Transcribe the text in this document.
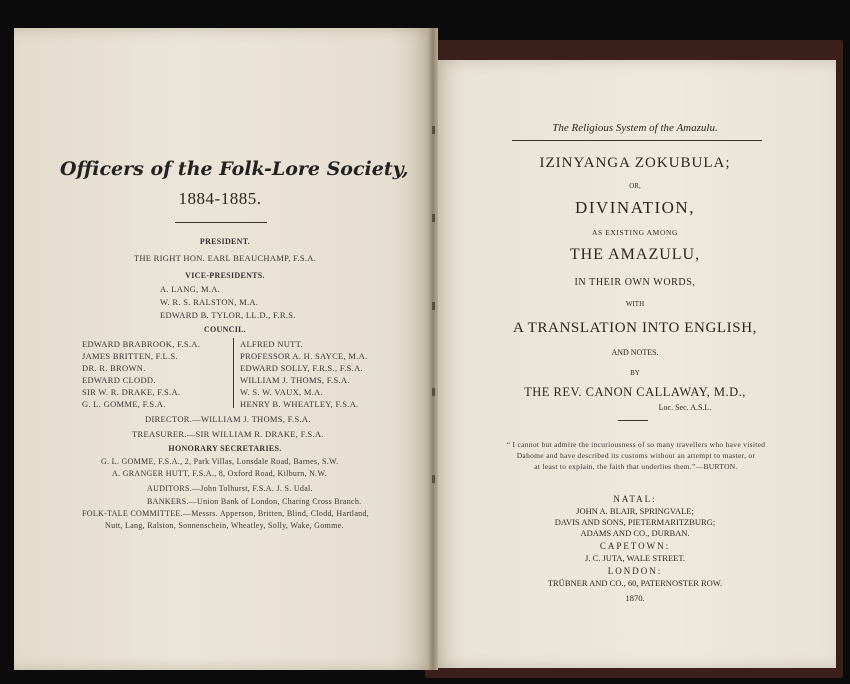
Officers of the Folk-Lore Society,
1884-1885.
PRESIDENT.
THE RIGHT HON. EARL BEAUCHAMP, F.S.A.
VICE-PRESIDENTS.
A. LANG, M.A.
W. R. S. RALSTON, M.A.
EDWARD B. TYLOR, LL.D., F.R.S.
COUNCIL.
EDWARD BRABROOK, F.S.A.
JAMES BRITTEN, F.L.S.
DR. R. BROWN.
EDWARD CLODD.
SIR W. R. DRAKE, F.S.A.
G. L. GOMME, F.S.A.
ALFRED NUTT.
PROFESSOR A. H. SAYCE, M.A.
EDWARD SOLLY, F.R.S., F.S.A.
WILLIAM J. THOMS, F.S.A.
W. S. W. VAUX, M.A.
HENRY B. WHEATLEY, F.S.A.
DIRECTOR.—WILLIAM J. THOMS, F.S.A.
TREASURER.—SIR WILLIAM R. DRAKE, F.S.A.
HONORARY SECRETARIES.
G. L. GOMME, F.S.A., 2, Park Villas, Lonsdale Road, Barnes, S.W.
A. GRANGER HUTT, F.S.A., 8, Oxford Road, Kilburn, N.W.
AUDITORS.—John Tolhurst, F.S.A. J. S. Udal.
BANKERS.—Union Bank of London, Charing Cross Branch.
FOLK-TALE COMMITTEE.—Messrs. Apperson, Britten, Blind, Clodd, Hartland,
Nutt, Lang, Ralston, Sonnenschein, Wheatley, Solly, Wake, Gomme.
The Religious System of the Amazulu.
IZINYANGA ZOKUBULA;
OR,
DIVINATION,
AS EXISTING AMONG
THE AMAZULU,
IN THEIR OWN WORDS,
WITH
A TRANSLATION INTO ENGLISH,
AND NOTES.
BY
THE REV. CANON CALLAWAY, M.D.,
Loc. Sec. A.S.L.
“ I cannot but admire the incuriousness of so many travellers who have visited
Dahome and have described its customs without an attempt to master, or
at least to explain, the faith that underlies them.”—BURTON.
NATAL:
JOHN A. BLAIR, SPRINGVALE;
DAVIS AND SONS, PIETERMARITZBURG;
ADAMS AND CO., DURBAN.
CAPETOWN:
J. C. JUTA, WALE STREET.
LONDON:
TRÜBNER AND CO., 60, PATERNOSTER ROW.
1870.
